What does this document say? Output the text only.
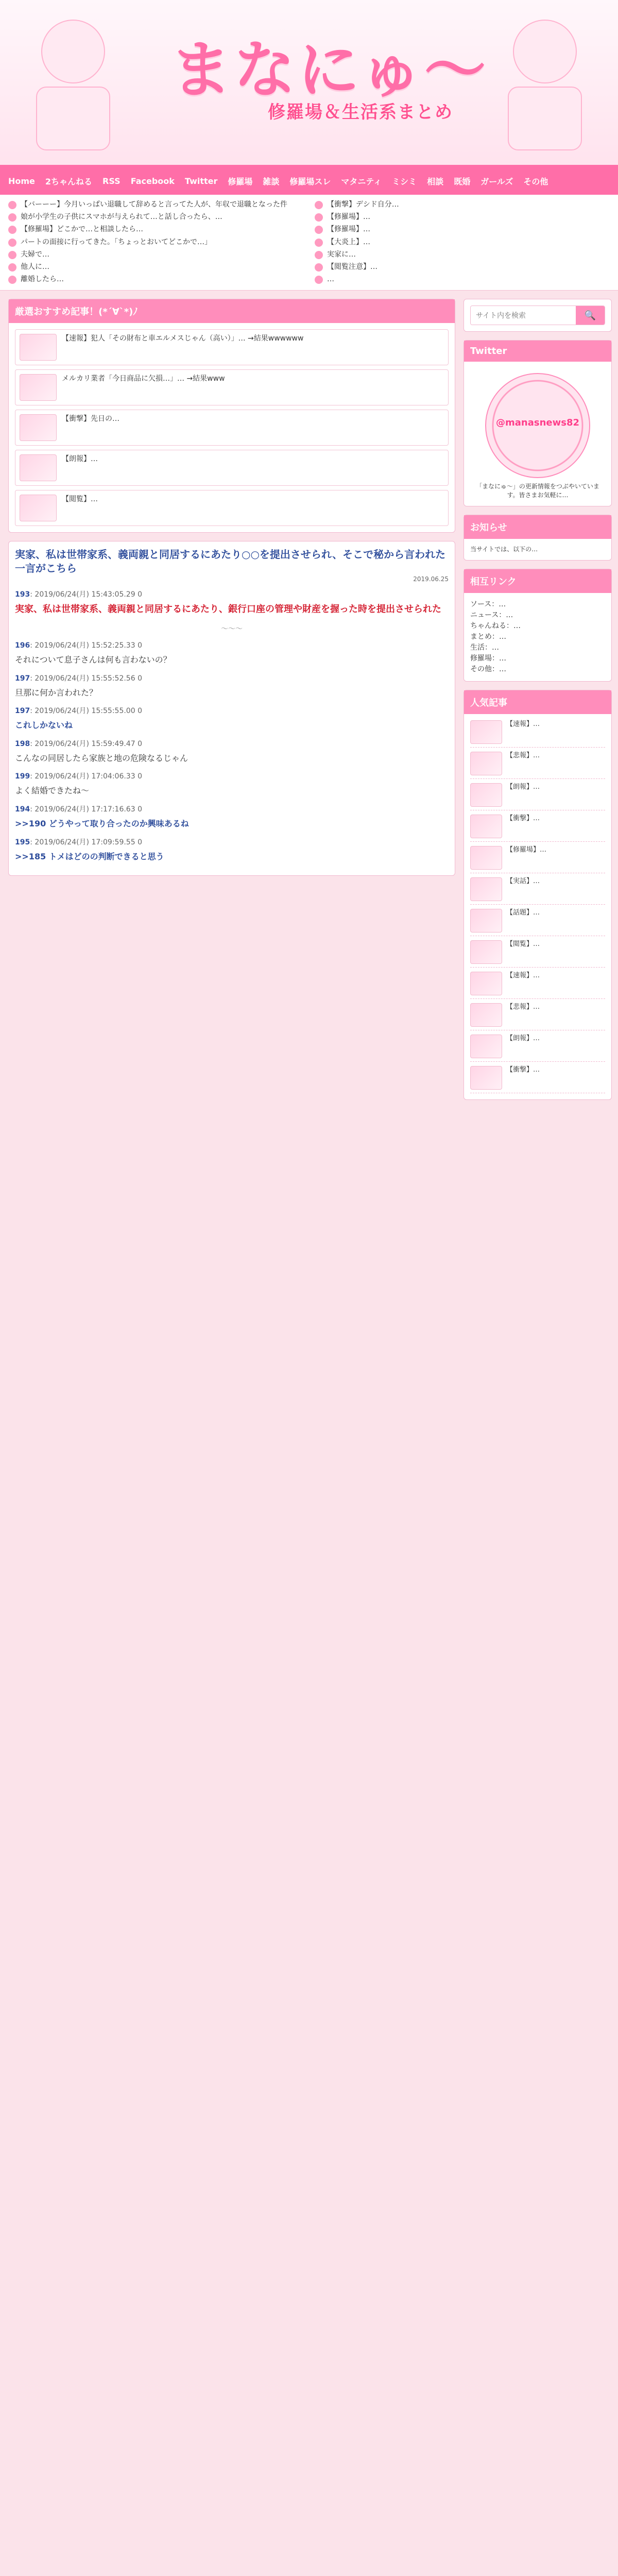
まなにゅ〜
修羅場＆生活系まとめ
Home 2ちゃんねる RSS Facebook Twitter 修羅場 雑談 修羅場スレ マタニティ ミシミ 相談 既婚 ガールズ その他
【バーーー】今月いっぱい退職して辞めると言ってた人が、年収で退職となった件	【衝撃】デシド自分…
娘が小学生の子供にスマホが与えられて…と話し合ったら、…	【修羅場】…
【修羅場】どこかで…と相談したら…	【修羅場】…
パートの面接に行ってきた。「ちょっとおいてどこかで…」	【大炎上】…
夫婦で…	実家に…
他人に…	【閲覧注意】…
離婚したら…	…
厳選おすすめ記事！(*´∀`*)ﾉ
【速報】犯人「その財布と車エルメスじゃん（高い）」… →結果wwwwww
メルカリ業者「今日商品に欠損…」… →結果www
【衝撃】先日の…
【朗報】…
【閲覧】…
実家、私は世帯家系、義両親と同居するにあたり○○を提出させられ、そこで秘から言われた一言がこちら
2019.06.25
193: 2019/06/24(月) 15:43:05.29 0
実家、私は世帯家系、義両親と同居するにあたり、銀行口座の管理や財産を握った時を提出させられた
〜〜〜
196: 2019/06/24(月) 15:52:25.33 0
それについて息子さんは何も言わないの？
197: 2019/06/24(月) 15:55:52.56 0
旦那に何か言われた？
197: 2019/06/24(月) 15:55:55.00 0
これしかないね
198: 2019/06/24(月) 15:59:49.47 0
こんなの同居したら家族と地の危険なるじゃん
199: 2019/06/24(月) 17:04:06.33 0
よく結婚できたね～
194: 2019/06/24(月) 17:17:16.63 0
>>190 どうやって取り合ったのか興味あるね
195: 2019/06/24(月) 17:09:59.55 0
>>185 トメはどのの判断できると思う
サイト内を検索
🔍
Twitter
@manasnews82
「まなにゅ〜」の更新情報をつぶやいています。皆さまお気軽に…
お知らせ
当サイトでは、以下の…
相互リンク
ソース：…
ニュース：…
ちゃんねる：…
まとめ：…
生活：…
修羅場：…
その他：…
人気記事
【速報】…
【悲報】…
【朗報】…
【衝撃】…
【修羅場】…
【実話】…
【話題】…
【閲覧】…
【速報】…
【悲報】…
【朗報】…
【衝撃】…
